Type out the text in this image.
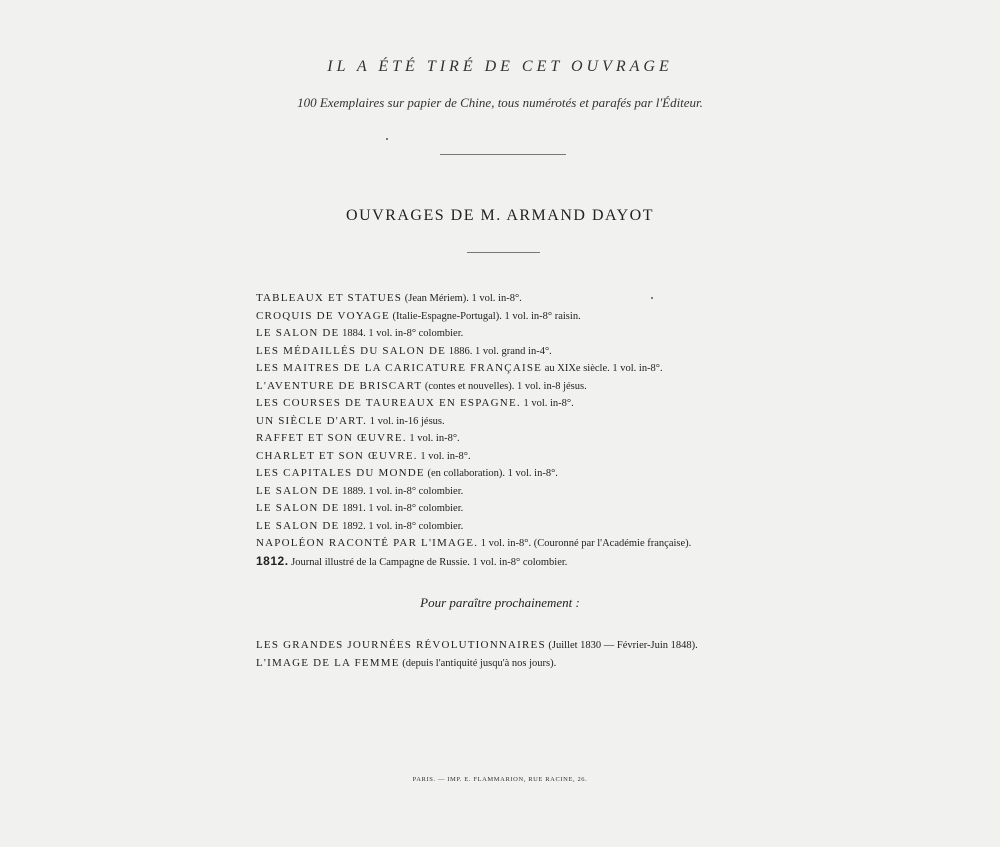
IL A ÉTÉ TIRÉ DE CET OUVRAGE
100 Exemplaires sur papier de Chine, tous numérotés et parafés par l'Éditeur.
OUVRAGES DE M. ARMAND DAYOT
TABLEAUX ET STATUES (Jean Mériem). 1 vol. in-8°.
CROQUIS DE VOYAGE (Italie-Espagne-Portugal). 1 vol. in-8° raisin.
LE SALON DE 1884. 1 vol. in-8° colombier.
LES MÉDAILLÉS DU SALON DE 1886. 1 vol. grand in-4°.
LES MAITRES DE LA CARICATURE FRANÇAISE au XIXe siècle. 1 vol. in-8°.
L'AVENTURE DE BRISCART (contes et nouvelles). 1 vol. in-8 jésus.
LES COURSES DE TAUREAUX EN ESPAGNE. 1 vol. in-8°.
UN SIÈCLE D'ART. 1 vol. in-16 jésus.
RAFFET ET SON ŒUVRE. 1 vol. in-8°.
CHARLET ET SON ŒUVRE. 1 vol. in-8°.
LES CAPITALES DU MONDE (en collaboration). 1 vol. in-8°.
LE SALON DE 1889. 1 vol. in-8° colombier.
LE SALON DE 1891. 1 vol. in-8° colombier.
LE SALON DE 1892. 1 vol. in-8° colombier.
NAPOLÉON RACONTÉ PAR L'IMAGE. 1 vol. in-8°. (Couronné par l'Académie française).
1812. Journal illustré de la Campagne de Russie. 1 vol. in-8° colombier.
Pour paraître prochainement :
LES GRANDES JOURNÉES RÉVOLUTIONNAIRES (Juillet 1830 — Février-Juin 1848).
L'IMAGE DE LA FEMME (depuis l'antiquité jusqu'à nos jours).
PARIS. — IMP. E. FLAMMARION, RUE RACINE, 26.
